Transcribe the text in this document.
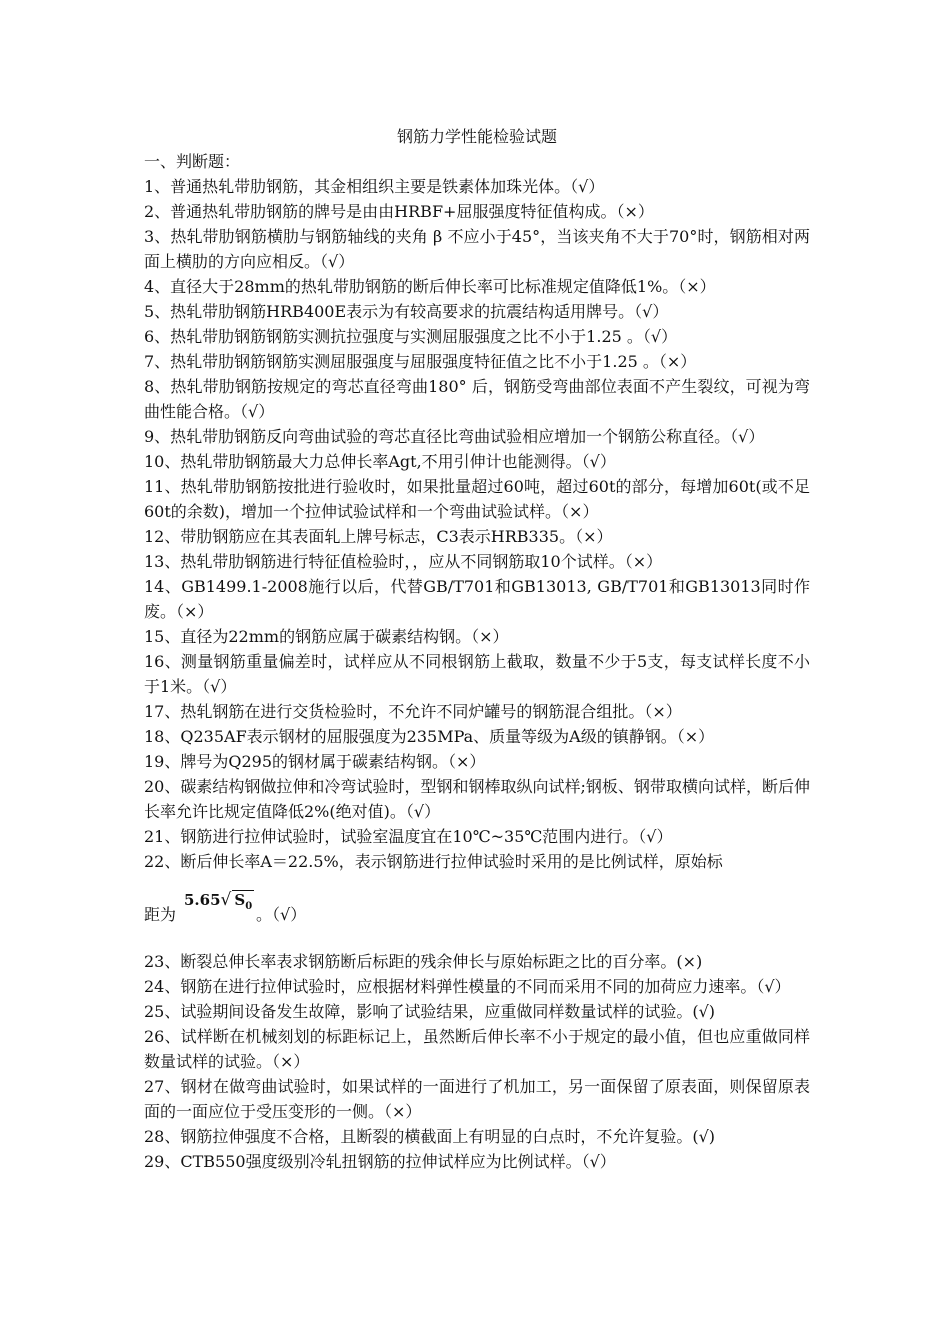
钢筋力学性能检验试题
一、判断题：

1、普通热轧带肋钢筋，其金相组织主要是铁素体加珠光体。（√）

2、普通热轧带肋钢筋的牌号是由由HRBF+屈服强度特征值构成。（×）

3、热轧带肋钢筋横肋与钢筋轴线的夹角 β 不应小于45°，当该夹角不大于70°时，钢筋相对两面上横肋的方向应相反。（√）

4、直径大于28mm的热轧带肋钢筋的断后伸长率可比标准规定值降低1%。（×）

5、热轧带肋钢筋HRB400E表示为有较高要求的抗震结构适用牌号。（√）

6、热轧带肋钢筋钢筋实测抗拉强度与实测屈服强度之比不小于1.25 。（√）

7、热轧带肋钢筋钢筋实测屈服强度与屈服强度特征值之比不小于1.25 。（×）

8、热轧带肋钢筋按规定的弯芯直径弯曲180° 后，钢筋受弯曲部位表面不产生裂纹，可视为弯曲性能合格。（√）

9、热轧带肋钢筋反向弯曲试验的弯芯直径比弯曲试验相应增加一个钢筋公称直径。（√）

10、热轧带肋钢筋最大力总伸长率Agt,不用引伸计也能测得。（√）

11、热轧带肋钢筋按批进行验收时，如果批量超过60吨，超过60t的部分，每增加60t(或不足60t的余数)，增加一个拉伸试验试样和一个弯曲试验试样。（×）

12、带肋钢筋应在其表面轧上牌号标志，C3表示HRB335。（×）

13、热轧带肋钢筋进行特征值检验时，，应从不同钢筋取10个试样。（×）

14、GB1499.1-2008施行以后，代替GB/T701和GB13013, GB/T701和GB13013同时作废。（×）

15、直径为22mm的钢筋应属于碳素结构钢。（×）

16、测量钢筋重量偏差时，试样应从不同根钢筋上截取，数量不少于5支，每支试样长度不小于1米。（√）

17、热轧钢筋在进行交货检验时，不允许不同炉罐号的钢筋混合组批。（×）

18、Q235AF表示钢材的屈服强度为235MPa、质量等级为A级的镇静钢。（×）

19、牌号为Q295的钢材属于碳素结构钢。（×）

20、碳素结构钢做拉伸和冷弯试验时，型钢和钢棒取纵向试样;钢板、钢带取横向试样，断后伸长率允许比规定值降低2%(绝对值)。（√）

21、钢筋进行拉伸试验时，试验室温度宜在10℃~35℃范围内进行。（√）

22、断后伸长率A＝22.5%，表示钢筋进行拉伸试验时采用的是比例试样，原始标

5.65√ $S_0$
距为	。（√）

23、断裂总伸长率表求钢筋断后标距的残余伸长与原始标距之比的百分率。(×)

24、钢筋在进行拉伸试验时，应根据材料弹性模量的不同而采用不同的加荷应力速率。（√）

25、试验期间设备发生故障，影响了试验结果，应重做同样数量试样的试验。(√)

26、试样断在机械刻划的标距标记上，虽然断后伸长率不小于规定的最小值，但也应重做同样数量试样的试验。（×）

27、钢材在做弯曲试验时，如果试样的一面进行了机加工，另一面保留了原表面，则保留原表面的一面应位于受压变形的一侧。（×）

28、钢筋拉伸强度不合格，且断裂的横截面上有明显的白点时，不允许复验。(√)

29、CTB550强度级别冷轧扭钢筋的拉伸试样应为比例试样。（√）
